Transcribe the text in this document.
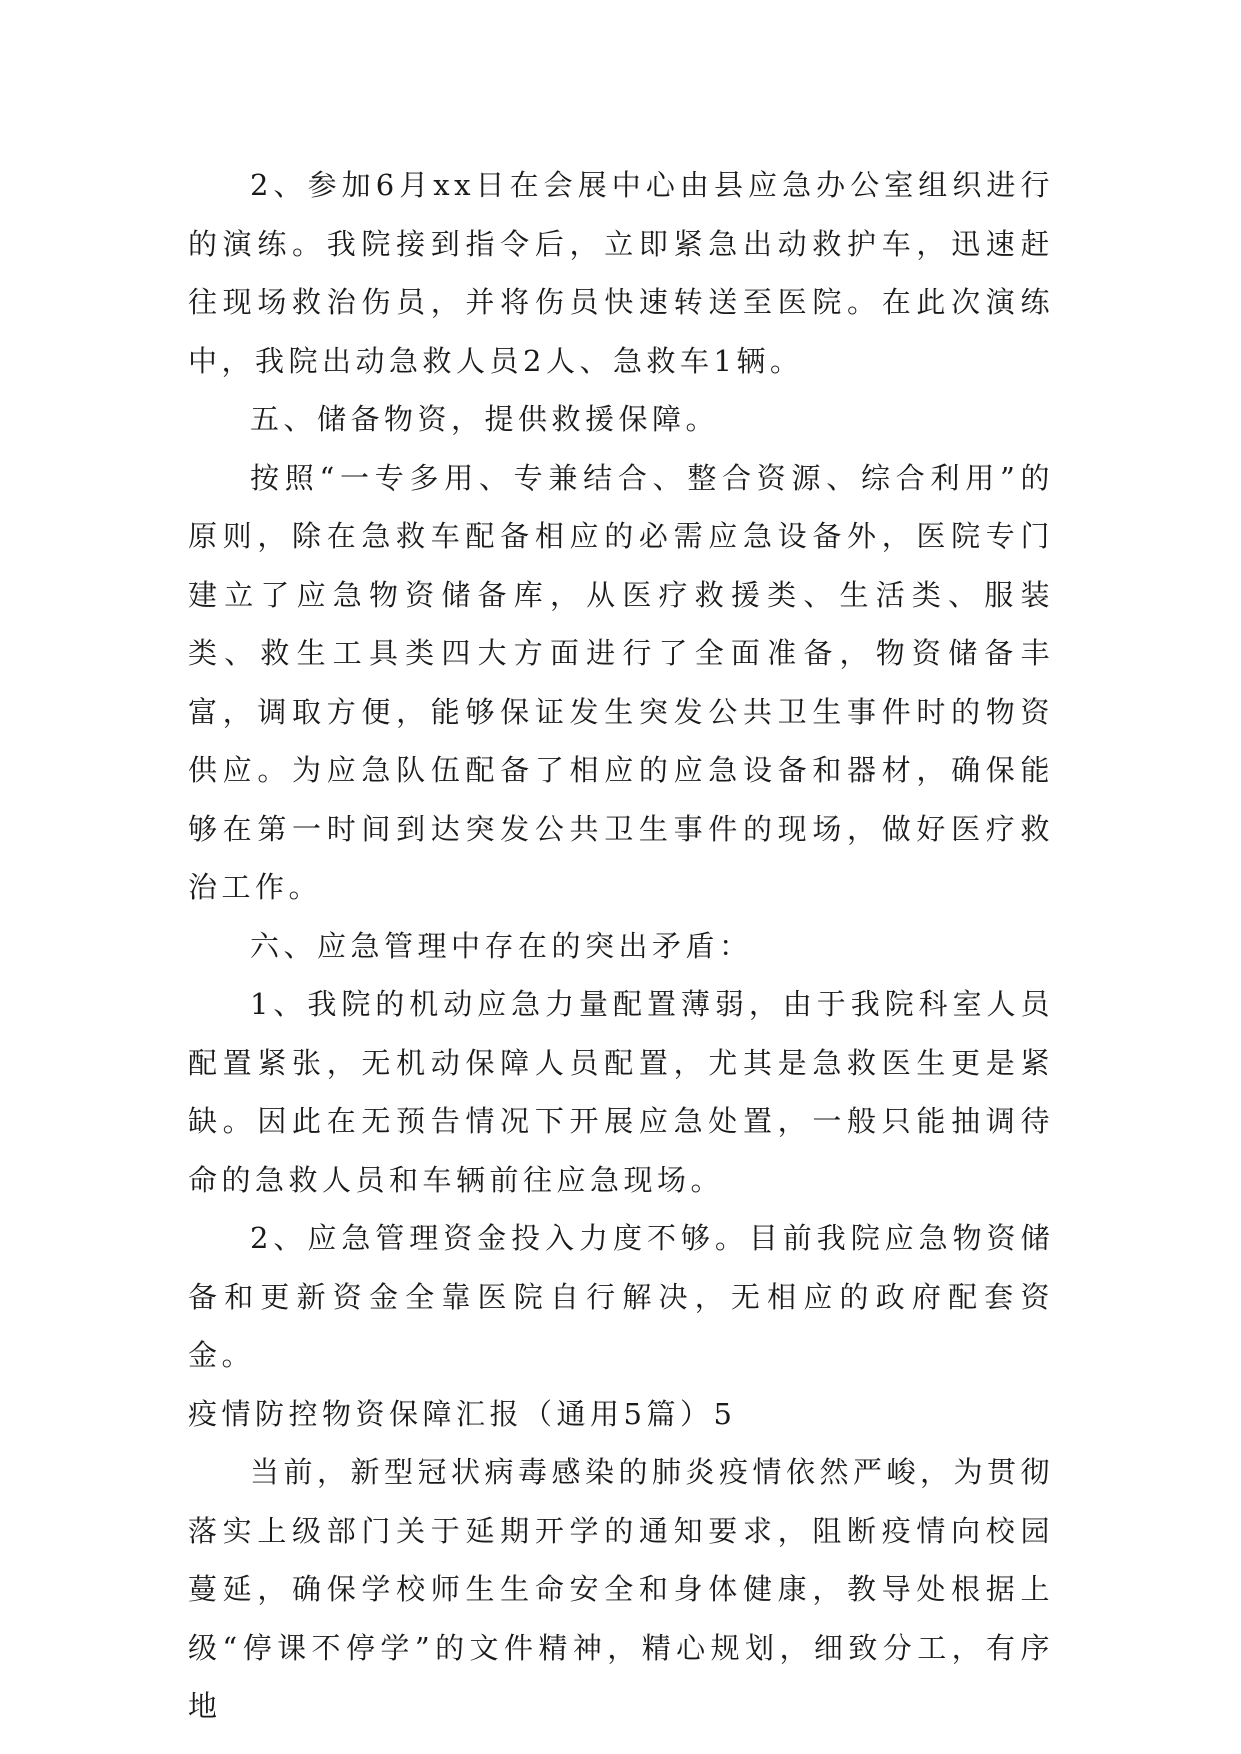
2、参加6月xx日在会展中心由县应急办公室组织进行的演练。我院接到指令后，立即紧急出动救护车，迅速赶往现场救治伤员，并将伤员快速转送至医院。在此次演练中，我院出动急救人员2人、急救车1辆。

五、储备物资，提供救援保障。

按照“一专多用、专兼结合、整合资源、综合利用”的原则，除在急救车配备相应的必需应急设备外，医院专门建立了应急物资储备库，从医疗救援类、生活类、服装类、救生工具类四大方面进行了全面准备，物资储备丰富，调取方便，能够保证发生突发公共卫生事件时的物资供应。为应急队伍配备了相应的应急设备和器材，确保能够在第一时间到达突发公共卫生事件的现场，做好医疗救治工作。

六、应急管理中存在的突出矛盾：

1、我院的机动应急力量配置薄弱，由于我院科室人员配置紧张，无机动保障人员配置，尤其是急救医生更是紧缺。因此在无预告情况下开展应急处置，一般只能抽调待命的急救人员和车辆前往应急现场。

2、应急管理资金投入力度不够。目前我院应急物资储备和更新资金全靠医院自行解决，无相应的政府配套资金。

疫情防控物资保障汇报（通用5篇）5

当前，新型冠状病毒感染的肺炎疫情依然严峻，为贯彻落实上级部门关于延期开学的通知要求，阻断疫情向校园蔓延，确保学校师生生命安全和身体健康，教导处根据上级“停课不停学”的文件精神，精心规划，细致分工，有序地
